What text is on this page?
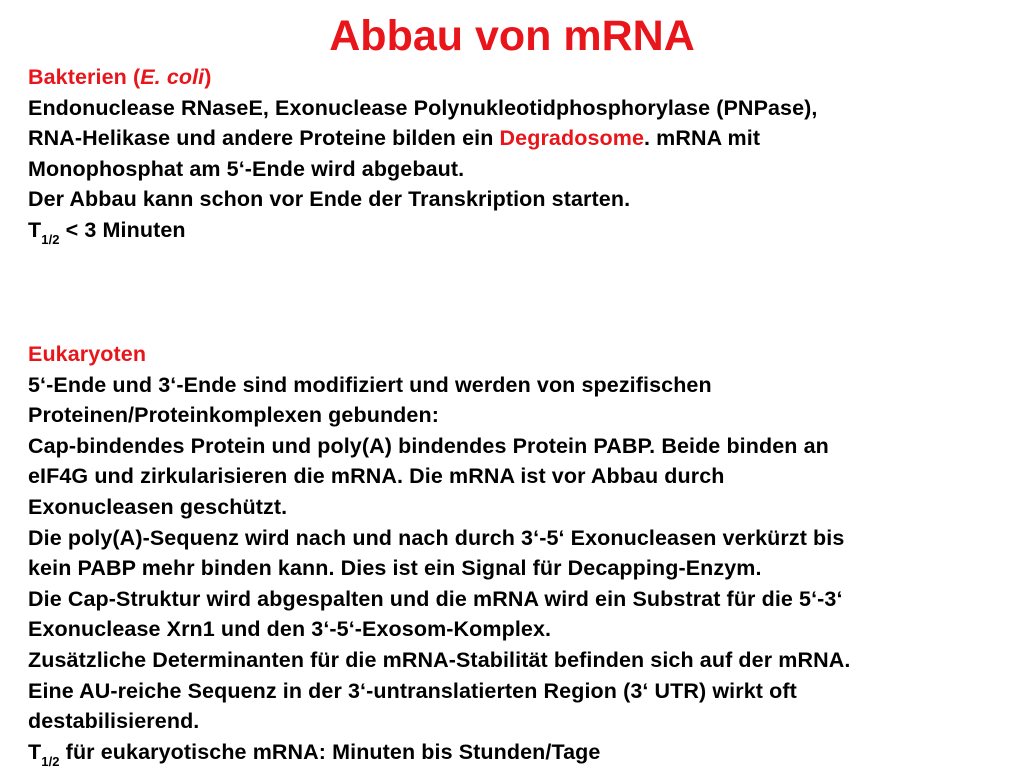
Abbau von mRNA

Bakterien (E. coli)

Endonuclease RNaseE, Exonuclease Polynukleotidphosphorylase (PNPase),

RNA-Helikase und andere Proteine bilden ein Degradosome. mRNA mit

Monophosphat am 5‘-Ende wird abgebaut.

Der Abbau kann schon vor Ende der Transkription starten.

$T_{1/2} < 3$ Minuten

Eukaryoten

5‘-Ende und 3‘-Ende sind modifiziert und werden von spezifischen

Proteinen/Proteinkomplexen gebunden:

Cap-bindendes Protein und poly(A) bindendes Protein PABP. Beide binden an

eIF4G und zirkularisieren die mRNA. Die mRNA ist vor Abbau durch

Exonucleasen geschützt.

Die poly(A)-Sequenz wird nach und nach durch 3‘-5‘ Exonucleasen verkürzt bis

kein PABP mehr binden kann. Dies ist ein Signal für Decapping-Enzym.

Die Cap-Struktur wird abgespalten und die mRNA wird ein Substrat für die 5‘-3‘

Exonuclease Xrn1 und den 3‘-5‘-Exosom-Komplex.

Zusätzliche Determinanten für die mRNA-Stabilität befinden sich auf der mRNA.

Eine AU-reiche Sequenz in der 3‘-untranslatierten Region (3‘ UTR) wirkt oft

destabilisierend.

$T_{1/2}$ für eukaryotische mRNA: Minuten bis Stunden/Tage
